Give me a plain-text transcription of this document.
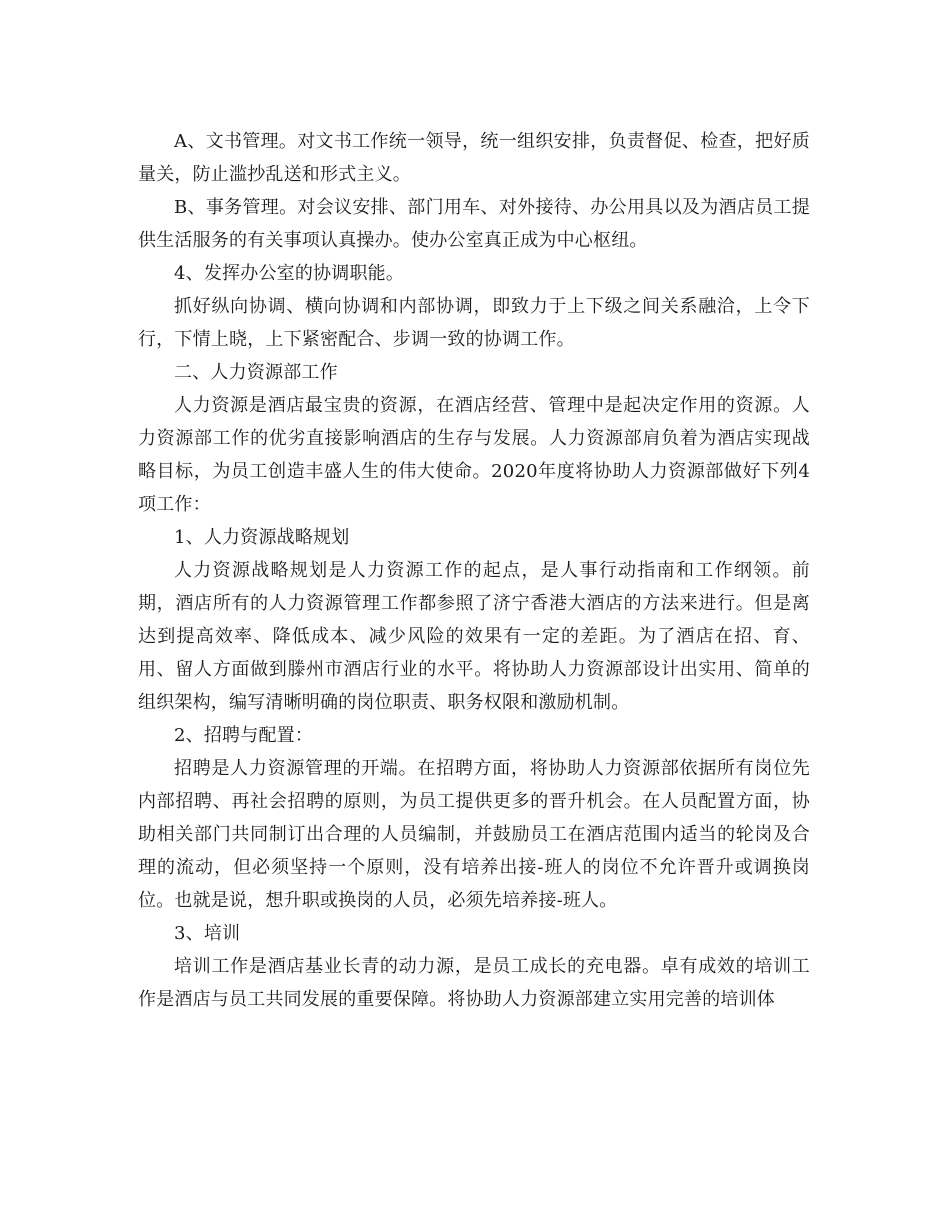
A、文书管理。对文书工作统一领导，统一组织安排，负责督促、检查，把好质量关，防止滥抄乱送和形式主义。

B、事务管理。对会议安排、部门用车、对外接待、办公用具以及为酒店员工提供生活服务的有关事项认真操办。使办公室真正成为中心枢纽。

4、发挥办公室的协调职能。

抓好纵向协调、横向协调和内部协调，即致力于上下级之间关系融洽，上令下行，下情上晓，上下紧密配合、步调一致的协调工作。

二、人力资源部工作

人力资源是酒店最宝贵的资源，在酒店经营、管理中是起决定作用的资源。人力资源部工作的优劣直接影响酒店的生存与发展。人力资源部肩负着为酒店实现战略目标，为员工创造丰盛人生的伟大使命。2020年度将协助人力资源部做好下列4项工作：

1、人力资源战略规划

人力资源战略规划是人力资源工作的起点，是人事行动指南和工作纲领。前期，酒店所有的人力资源管理工作都参照了济宁香港大酒店的方法来进行。但是离达到提高效率、降低成本、减少风险的效果有一定的差距。为了酒店在招、育、用、留人方面做到滕州市酒店行业的水平。将协助人力资源部设计出实用、简单的组织架构，编写清晰明确的岗位职责、职务权限和激励机制。

2、招聘与配置：

招聘是人力资源管理的开端。在招聘方面，将协助人力资源部依据所有岗位先内部招聘、再社会招聘的原则，为员工提供更多的晋升机会。在人员配置方面，协助相关部门共同制订出合理的人员编制，并鼓励员工在酒店范围内适当的轮岗及合理的流动，但必须坚持一个原则，没有培养出接-班人的岗位不允许晋升或调换岗位。也就是说，想升职或换岗的人员，必须先培养接-班人。

3、培训

培训工作是酒店基业长青的动力源，是员工成长的充电器。卓有成效的培训工作是酒店与员工共同发展的重要保障。将协助人力资源部建立实用完善的培训体
